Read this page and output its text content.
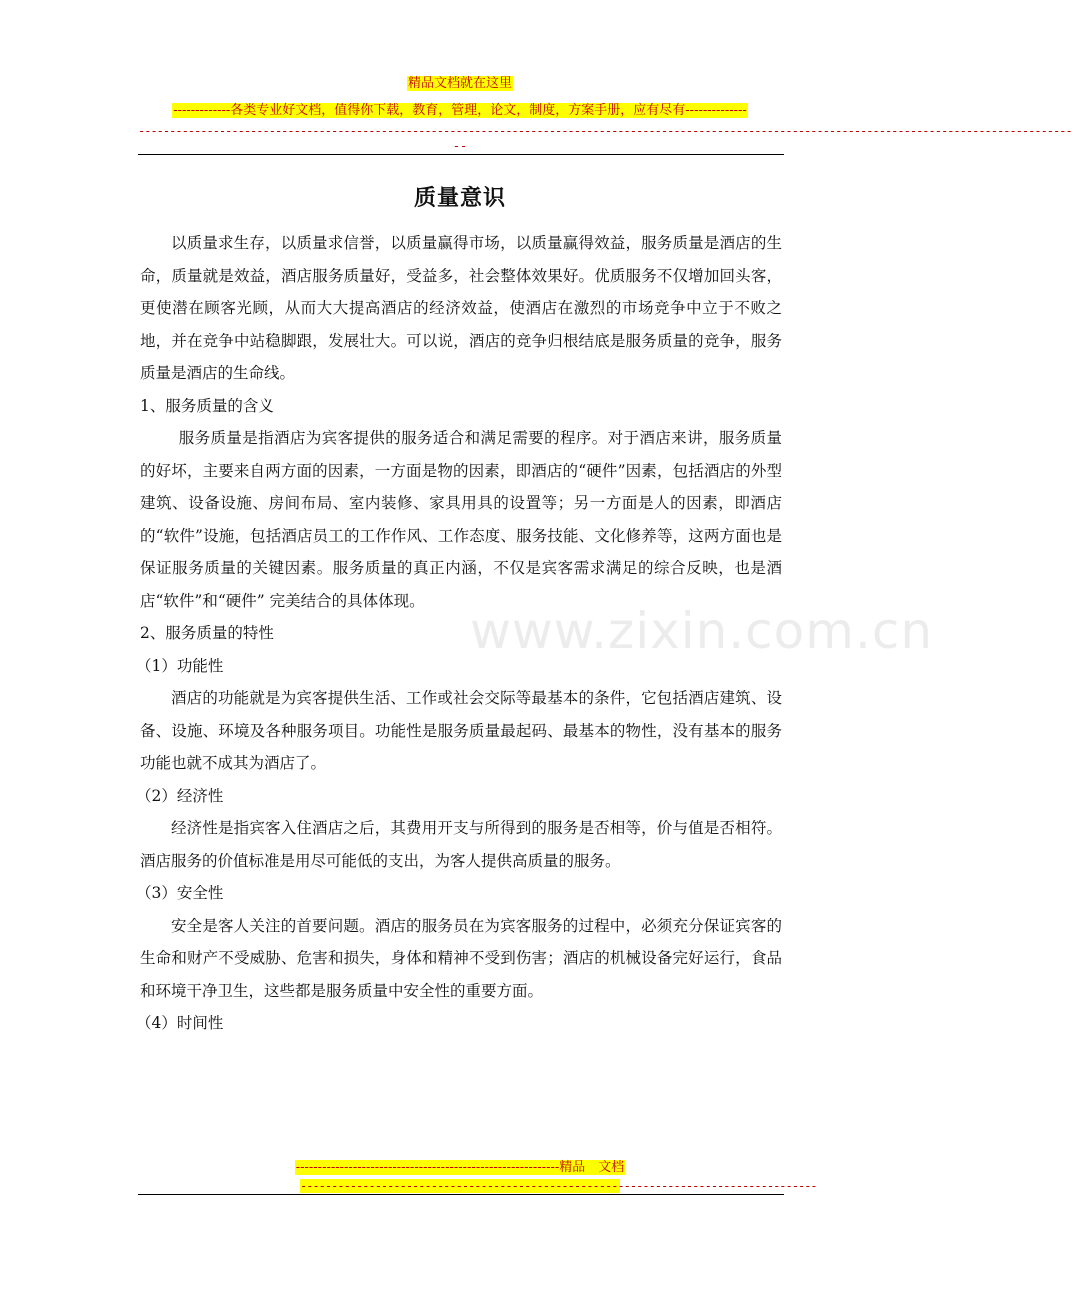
精品文档就在这里
-------------各类专业好文档，值得你下载，教育，管理，论文，制度，方案手册，应有尽有--------------
------------------------------------------------------------------------------------------------------------------------------------------------------
--
质量意识

以质量求生存，以质量求信誉，以质量赢得市场，以质量赢得效益，服务质量是酒店的生命，质量就是效益，酒店服务质量好，受益多，社会整体效果好。优质服务不仅增加回头客，更使潜在顾客光顾，从而大大提高酒店的经济效益，使酒店在激烈的市场竞争中立于不败之地，并在竞争中站稳脚跟，发展壮大。可以说，酒店的竞争归根结底是服务质量的竞争，服务质量是酒店的生命线。

1、服务质量的含义

服务质量是指酒店为宾客提供的服务适合和满足需要的程序。对于酒店来讲，服务质量的好坏，主要来自两方面的因素，一方面是物的因素，即酒店的“硬件”因素，包括酒店的外型建筑、设备设施、房间布局、室内装修、家具用具的设置等；另一方面是人的因素，即酒店的“软件”设施，包括酒店员工的工作作风、工作态度、服务技能、文化修养等，这两方面也是保证服务质量的关键因素。服务质量的真正内涵，不仅是宾客需求满足的综合反映，也是酒店“软件”和“硬件” 完美结合的具体体现。

2、服务质量的特性

（1）功能性

酒店的功能就是为宾客提供生活、工作或社会交际等最基本的条件，它包括酒店建筑、设备、设施、环境及各种服务项目。功能性是服务质量最起码、最基本的物性，没有基本的服务功能也就不成其为酒店了。

（2）经济性

经济性是指宾客入住酒店之后，其费用开支与所得到的服务是否相等，价与值是否相符。酒店服务的价值标准是用尽可能低的支出，为客人提供高质量的服务。

（3）安全性

安全是客人关注的首要问题。酒店的服务员在为宾客服务的过程中，必须充分保证宾客的生命和财产不受威胁、危害和损失，身体和精神不受到伤害；酒店的机械设备完好运行，食品和环境干净卫生，这些都是服务质量中安全性的重要方面。

（4）时间性

www.zixin.com.cn
------------------------------------------------------------精品　文档
-----------------------------------------------------------------------------------
